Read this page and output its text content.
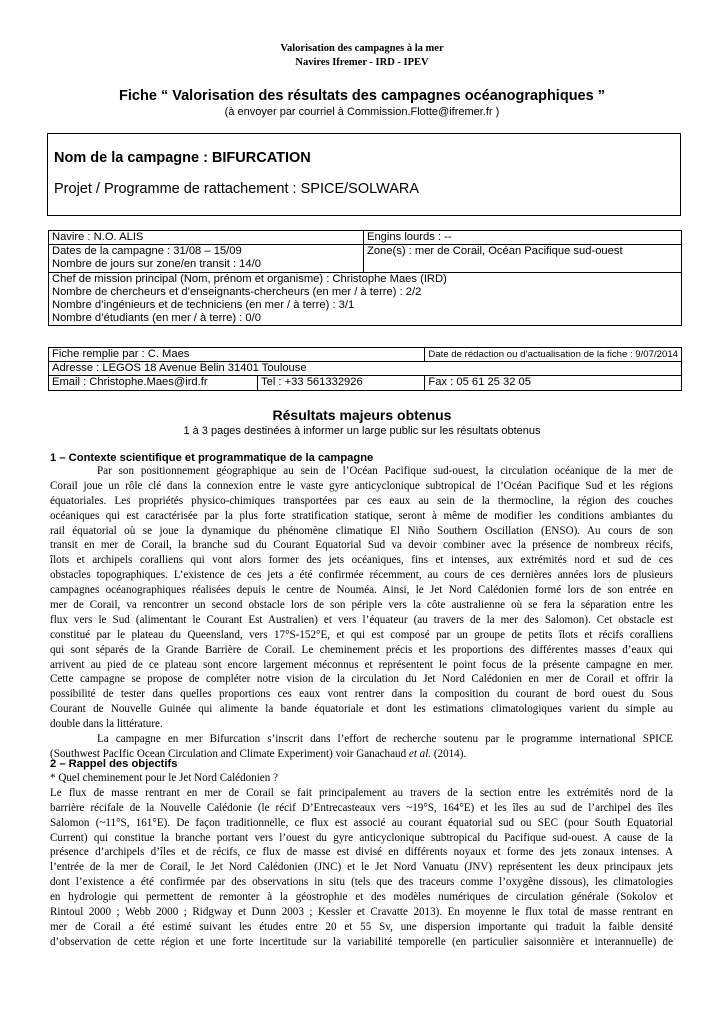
Valorisation des campagnes à la mer
Navires Ifremer - IRD - IPEV
Fiche “ Valorisation des résultats des campagnes océanographiques ”
(à envoyer par courriel à Commission.Flotte@ifremer.fr )
Nom de la campagne : BIFURCATION
Projet / Programme de rattachement : SPICE/SOLWARA
Navire : N.O. ALIS	Engins lourds : --

Dates de la campagne : 31/08 – 15/09
Nombre de jours sur zone/en transit : 14/0	Zone(s) : mer de Corail, Océan Pacifique sud-ouest

Chef de mission principal (Nom, prénom et organisme) : Christophe Maes (IRD)
Nombre de chercheurs et d’enseignants-chercheurs (en mer / à terre) : 2/2
Nombre d’ingénieurs et de techniciens (en mer / à terre) : 3/1
Nombre d’étudiants (en mer / à terre) : 0/0	
Fiche remplie par : C. Maes		Date de rédaction ou d’actualisation de la fiche : 9/07/2014
Adresse : LEGOS 18 Avenue Belin 31401 Toulouse		
Email : Christophe.Maes@ird.fr	Tel : +33 561332926	Fax : 05 61 25 32 05
Résultats majeurs obtenus
1 à 3 pages destinées à informer un large public sur les résultats obtenus
1 – Contexte scientifique et programmatique de la campagne
Par son positionnement géographique au sein de l’Océan Pacifique sud-ouest, la circulation océanique de la mer de
Corail joue un rôle clé dans la connexion entre le vaste gyre anticyclonique subtropical de l’Océan Pacifique Sud et les régions
équatoriales. Les propriétés physico-chimiques transportées par ces eaux au sein de la thermocline, la région des couches
océaniques qui est caractérisée par la plus forte stratification statique, seront à même de modifier les conditions ambiantes du
rail équatorial où se joue la dynamique du phénomène climatique El Niño Southern Oscillation (ENSO). Au cours de son
transit en mer de Corail, la branche sud du Courant Equatorial Sud va devoir combiner avec la présence de nombreux récifs,
îlots et archipels coralliens qui vont alors former des jets océaniques, fins et intenses, aux extrémités nord et sud de ces
obstacles topographiques. L’existence de ces jets a été confirmée récemment, au cours de ces dernières années lors de plusieurs
campagnes océanographiques réalisées depuis le centre de Nouméa. Ainsi, le Jet Nord Calédonien formé lors de son entrée en
mer de Corail, va rencontrer un second obstacle lors de son périple vers la côte australienne où se fera la séparation entre les
flux vers le Sud (alimentant le Courant Est Australien) et vers l’équateur (au travers de la mer des Salomon). Cet obstacle est
constitué par le plateau du Queensland, vers 17°S-152°E, et qui est composé par un groupe de petits îlots et récifs coralliens
qui sont séparés de la Grande Barrière de Corail. Le cheminement précis et les proportions des différentes masses d’eaux qui
arrivent au pied de ce plateau sont encore largement méconnus et représentent le point focus de la présente campagne en mer.
Cette campagne se propose de compléter notre vision de la circulation du Jet Nord Calédonien en mer de Corail et offrir la
possibilité de tester dans quelles proportions ces eaux vont rentrer dans la composition du courant de bord ouest du Sous
Courant de Nouvelle Guinée qui alimente la bande équatoriale et dont les estimations climatologiques varient du simple au
double dans la littérature.
La campagne en mer Bifurcation s’inscrit dans l’effort de recherche soutenu par le programme international SPICE
(Southwest PacIfic Ocean Circulation and Climate Experiment) voir Ganachaud et al. (2014).
2 – Rappel des objectifs
* Quel cheminement pour le Jet Nord Calédonien ?
Le flux de masse rentrant en mer de Corail se fait principalement au travers de la section entre les extrémités nord de la
barrière récifale de la Nouvelle Calédonie (le récif D’Entrecasteaux vers ~19°S, 164°E) et les îles au sud de l’archipel des îles
Salomon (~11°S, 161°E). De façon traditionnelle, ce flux est associé au courant équatorial sud ou SEC (pour South Equatorial
Current) qui constitue la branche portant vers l’ouest du gyre anticyclonique subtropical du Pacifique sud-ouest. A cause de la
présence d’archipels d’îles et de récifs, ce flux de masse est divisé en différents noyaux et forme des jets zonaux intenses. A
l’entrée de la mer de Corail, le Jet Nord Calédonien (JNC) et le Jet Nord Vanuatu (JNV) représentent les deux principaux jets
dont l’existence a été confirmée par des observations in situ (tels que des traceurs comme l’oxygène dissous), les climatologies
en hydrologie qui permettent de remonter à la géostrophie et des modèles numériques de circulation générale (Sokolov et
Rintoul 2000 ; Webb 2000 ; Ridgway et Dunn 2003 ; Kessler et Cravatte 2013). En moyenne le flux total de masse rentrant en
mer de Corail a été estimé suivant les études entre 20 et 55 Sv, une dispersion importante qui traduit la faible densité
d’observation de cette région et une forte incertitude sur la variabilité temporelle (en particulier saisonnière et interannuelle) de
